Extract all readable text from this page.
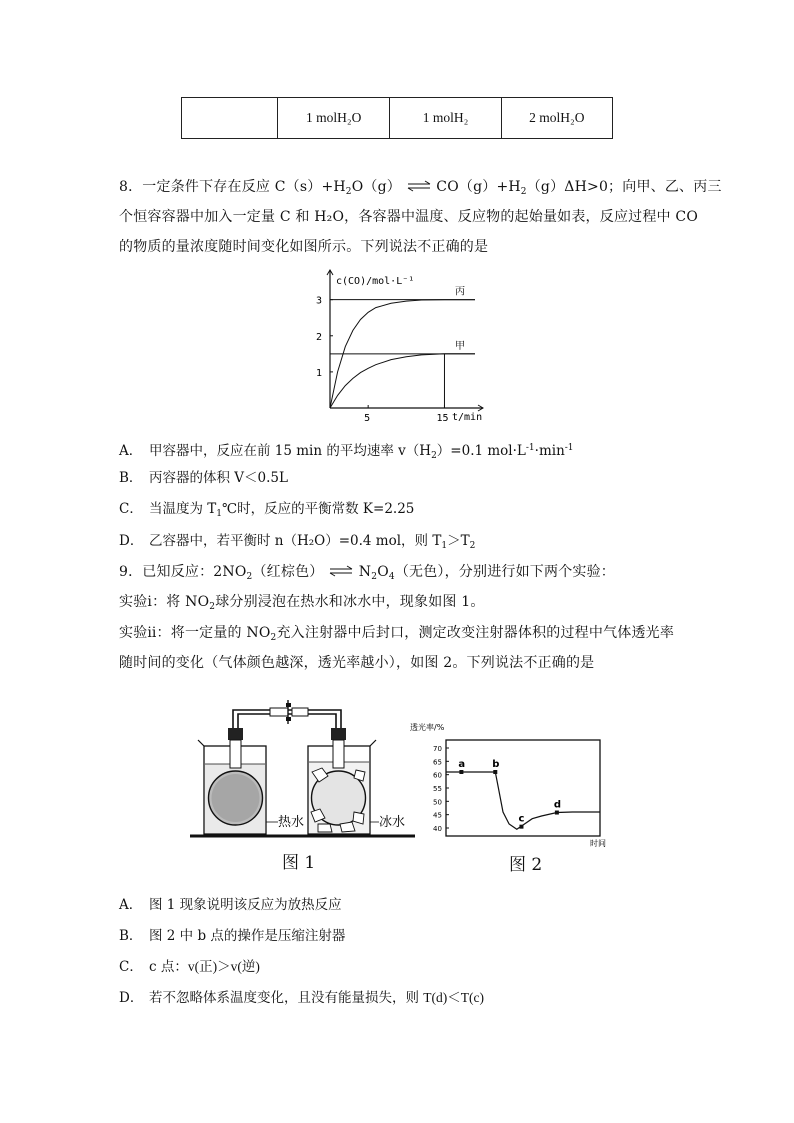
	1 molH₂O	1 molH₂	2 molH₂O
8．一定条件下存在反应 $C(s)+H_2O(g)$ ⇌ $CO(g)+H_2(g)\Delta H>0$；向甲、乙、丙三
个恒容容器中加入一定量 C 和 H₂O，各容器中温度、反应物的起始量如表，反应过程中 CO
的物质的量浓度随时间变化如图所示。下列说法不正确的是
c(CO)/mol·L⁻¹
t/min
1
2
3
5	15
丙
甲
A． 甲容器中，反应在前 15 min 的平均速率 $v(H_2)=0.1$ $mol\cdot L^{-1}\cdot\min^{-1}$
B． 丙容器的体积 V＜0.5L
C． 当温度为 $T_1℃$时，反应的平衡常数 K=2.25
D． 乙容器中，若平衡时 n（H₂O）=0.4 mol，则 $T_1>T_2$
9．已知反应：$2NO_2$（红棕色） ⇌ $N_2O_4$（无色），分别进行如下两个实验：
实验ⅰ：将 $NO_2$球分别浸泡在热水和冰水中，现象如图 1。
实验ⅱ：将一定量的 $NO_2$充入注射器中后封口，测定改变注射器体积的过程中气体透光率
随时间的变化（气体颜色越深，透光率越小），如图 2。下列说法不正确的是
热水	冰水
图 1
透光率/%
时间
70
65
60
55
50
45
40
a	b
c
d
图 2
A． 图 1 现象说明该反应为放热反应
B． 图 2 中 b 点的操作是压缩注射器
C． c 点：v(正)＞v(逆)
D． 若不忽略体系温度变化，且没有能量损失，则 T(d)＜T(c)
